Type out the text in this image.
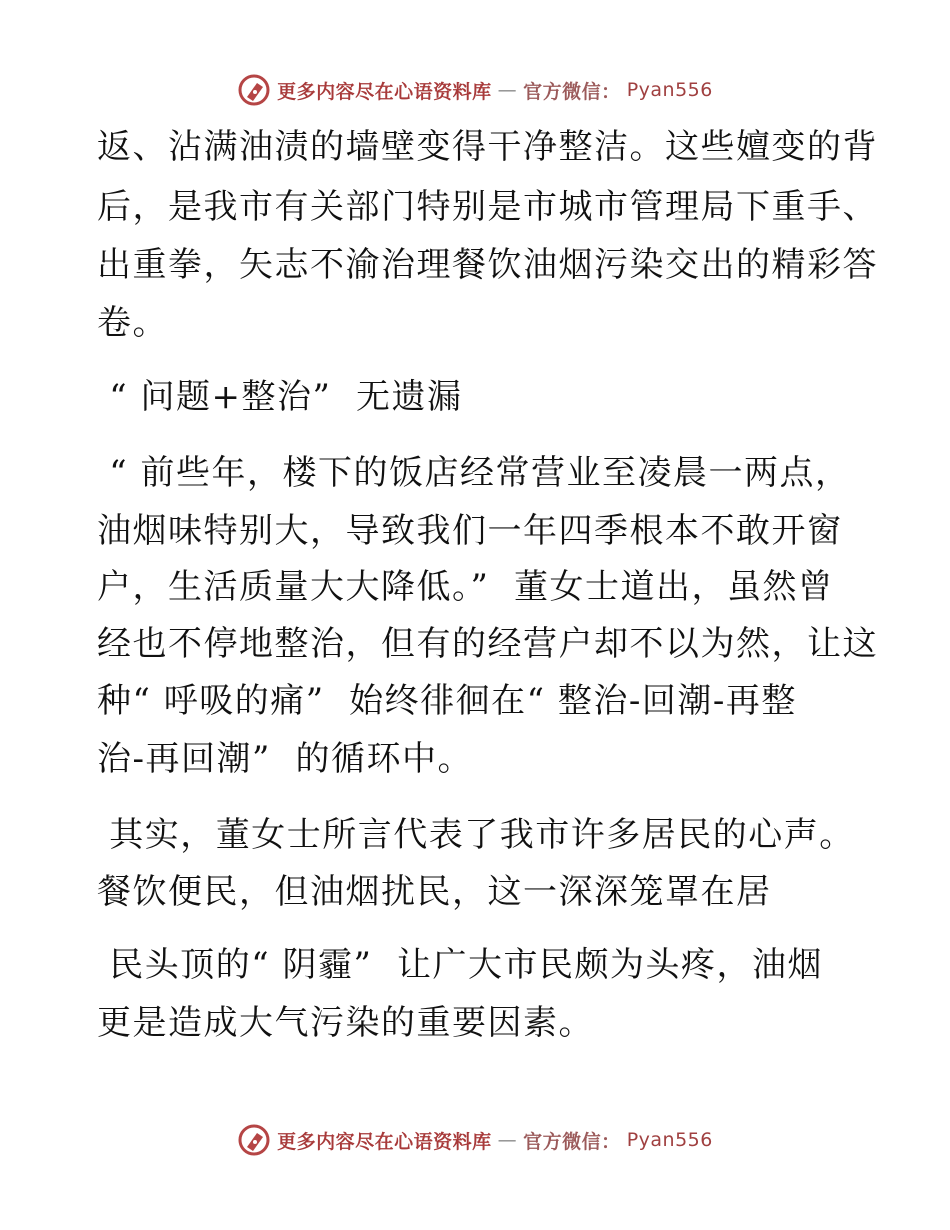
更多内容尽在心语资料库 — 官方微信： Pyan556

返、沾满油渍的墙壁变得干净整洁。这些嬗变的背

后，是我市有关部门特别是市城市管理局下重手、

出重拳，矢志不渝治理餐饮油烟污染交出的精彩答

卷。

“ 问题+整治”  无遗漏

“ 前些年，楼下的饭店经常营业至凌晨一两点，

油烟味特别大，导致我们一年四季根本不敢开窗

户，生活质量大大降低。”  董女士道出，虽然曾

经也不停地整治，但有的经营户却不以为然，让这

种“ 呼吸的痛”  始终徘徊在“ 整治-回潮-再整

治-再回潮”  的循环中。

其实，董女士所言代表了我市许多居民的心声。

餐饮便民，但油烟扰民，这一深深笼罩在居

民头顶的“ 阴霾”  让广大市民颇为头疼，油烟

更是造成大气污染的重要因素。

更多内容尽在心语资料库 — 官方微信： Pyan556
